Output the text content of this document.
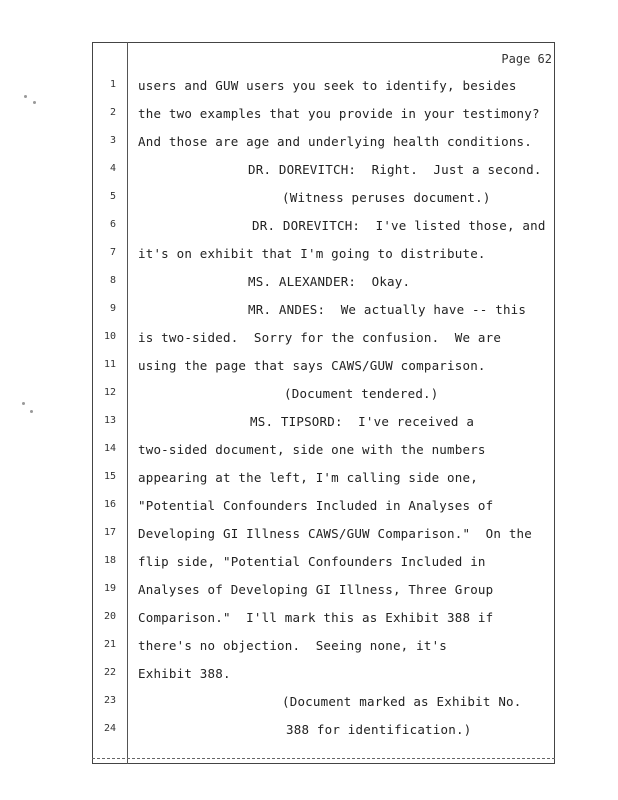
Page 62
1 users and GUW users you seek to identify, besides
2 the two examples that you provide in your testimony?
3 And those are age and underlying health conditions.
4	DR. DOREVITCH:  Right.  Just a second.
5	(Witness peruses document.)
6	DR. DOREVITCH:  I've listed those, and
7 it's on exhibit that I'm going to distribute.
8	MS. ALEXANDER:  Okay.
9	MR. ANDES:  We actually have -- this
10 is two-sided.  Sorry for the confusion.  We are
11 using the page that says CAWS/GUW comparison.
12	(Document tendered.)
13	MS. TIPSORD:  I've received a
14 two-sided document, side one with the numbers
15 appearing at the left, I'm calling side one,
16 "Potential Confounders Included in Analyses of
17 Developing GI Illness CAWS/GUW Comparison."  On the
18 flip side, "Potential Confounders Included in
19 Analyses of Developing GI Illness, Three Group
20 Comparison."  I'll mark this as Exhibit 388 if
21 there's no objection.  Seeing none, it's
22 Exhibit 388.
23	(Document marked as Exhibit No.
24	388 for identification.)
